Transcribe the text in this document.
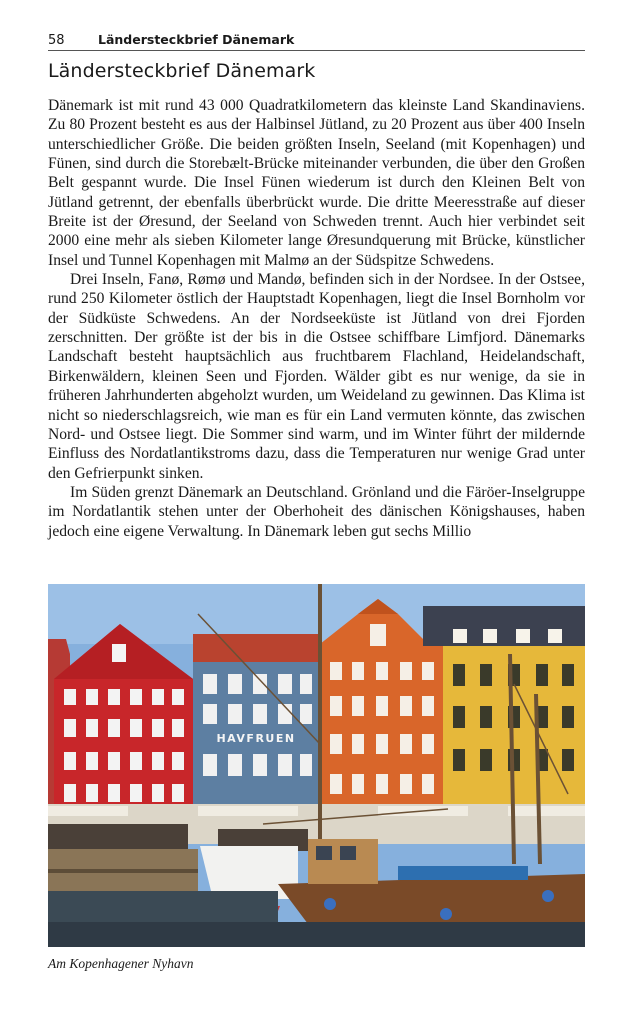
58	Ländersteckbrief Dänemark
Ländersteckbrief Dänemark

Dänemark ist mit rund 43 000 Quadratkilometern das kleinste Land Skandinaviens. Zu 80 Prozent besteht es aus der Halbinsel Jütland, zu 20 Prozent aus über 400 Inseln unterschiedlicher Größe. Die beiden größten Inseln, Seeland (mit Kopenhagen) und Fünen, sind durch die Storebælt-Brücke miteinander verbunden, die über den Großen Belt gespannt wurde. Die Insel Fünen wiederum ist durch den Kleinen Belt von Jütland getrennt, der ebenfalls überbrückt wurde. Die dritte Meeresstraße auf dieser Breite ist der Øresund, der Seeland von Schweden trennt. Auch hier verbindet seit 2000 eine mehr als sieben Kilometer lange Øresundquerung mit Brücke, künstlicher Insel und Tunnel Kopenhagen mit Malmø an der Südspitze Schwedens.

Drei Inseln, Fanø, Rømø und Mandø, befinden sich in der Nordsee. In der Ostsee, rund 250 Kilometer östlich der Hauptstadt Kopenhagen, liegt die Insel Bornholm vor der Südküste Schwedens. An der Nordseeküste ist Jütland von drei Fjorden zerschnitten. Der größte ist der bis in die Ostsee schiffbare Limfjord. Dänemarks Landschaft besteht hauptsächlich aus fruchtbarem Flachland, Heidelandschaft, Birkenwäldern, kleinen Seen und Fjorden. Wälder gibt es nur wenige, da sie in früheren Jahrhunderten abgeholzt wurden, um Weideland zu gewinnen. Das Klima ist nicht so niederschlagsreich, wie man es für ein Land vermuten könnte, das zwischen Nord- und Ostsee liegt. Die Sommer sind warm, und im Winter führt der mildernde Einfluss des Nordatlantikstroms dazu, dass die Temperaturen nur wenige Grad unter den Gefrierpunkt sinken.

Im Süden grenzt Dänemark an Deutschland. Grönland und die Färöer-Inselgruppe im Nordatlantik stehen unter der Oberhoheit des dänischen Königshauses, haben jedoch eine eigene Verwaltung. In Dänemark leben gut sechs Millio

HAVFRUEN
Am Kopenhagener Nyhavn
